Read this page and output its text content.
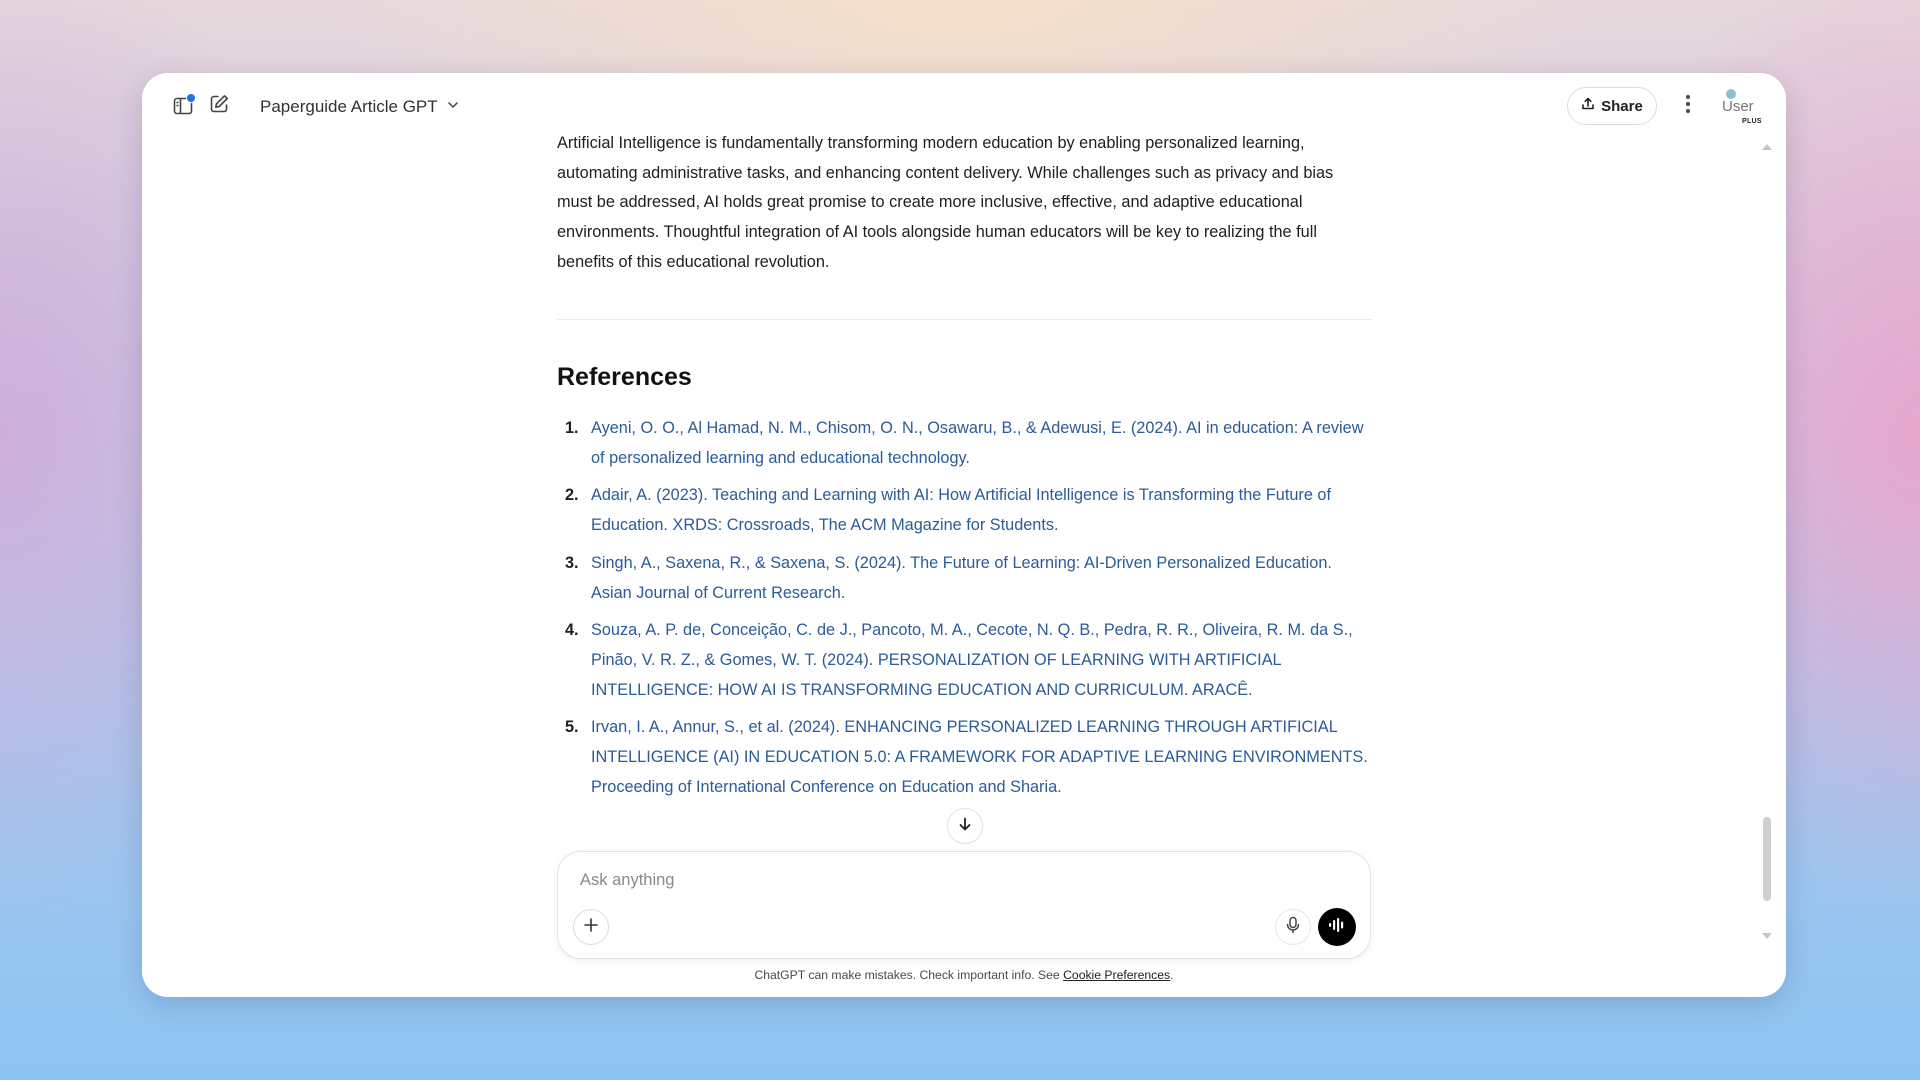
Paperguide Article GPT	Share	User
PLUS

Artificial Intelligence is fundamentally transforming modern education by enabling personalized learning, automating administrative tasks, and enhancing content delivery. While challenges such as privacy and bias must be addressed, AI holds great promise to create more inclusive, effective, and adaptive educational environments. Thoughtful integration of AI tools alongside human educators will be key to realizing the full benefits of this educational revolution.

References
1. Ayeni, O. O., Al Hamad, N. M., Chisom, O. N., Osawaru, B., & Adewusi, E. (2024). AI in education: A review of personalized learning and educational technology.
2. Adair, A. (2023). Teaching and Learning with AI: How Artificial Intelligence is Transforming the Future of Education. XRDS: Crossroads, The ACM Magazine for Students.
3. Singh, A., Saxena, R., & Saxena, S. (2024). The Future of Learning: AI-Driven Personalized Education. Asian Journal of Current Research.
4. Souza, A. P. de, Conceição, C. de J., Pancoto, M. A., Cecote, N. Q. B., Pedra, R. R., Oliveira, R. M. da S., Pinão, V. R. Z., & Gomes, W. T. (2024). PERSONALIZATION OF LEARNING WITH ARTIFICIAL INTELLIGENCE: HOW AI IS TRANSFORMING EDUCATION AND CURRICULUM. ARACÊ.
5. Irvan, I. A., Annur, S., et al. (2024). ENHANCING PERSONALIZED LEARNING THROUGH ARTIFICIAL INTELLIGENCE (AI) IN EDUCATION 5.0: A FRAMEWORK FOR ADAPTIVE LEARNING ENVIRONMENTS. Proceeding of International Conference on Education and Sharia.
Ask anything
ChatGPT can make mistakes. Check important info. See Cookie Preferences.
